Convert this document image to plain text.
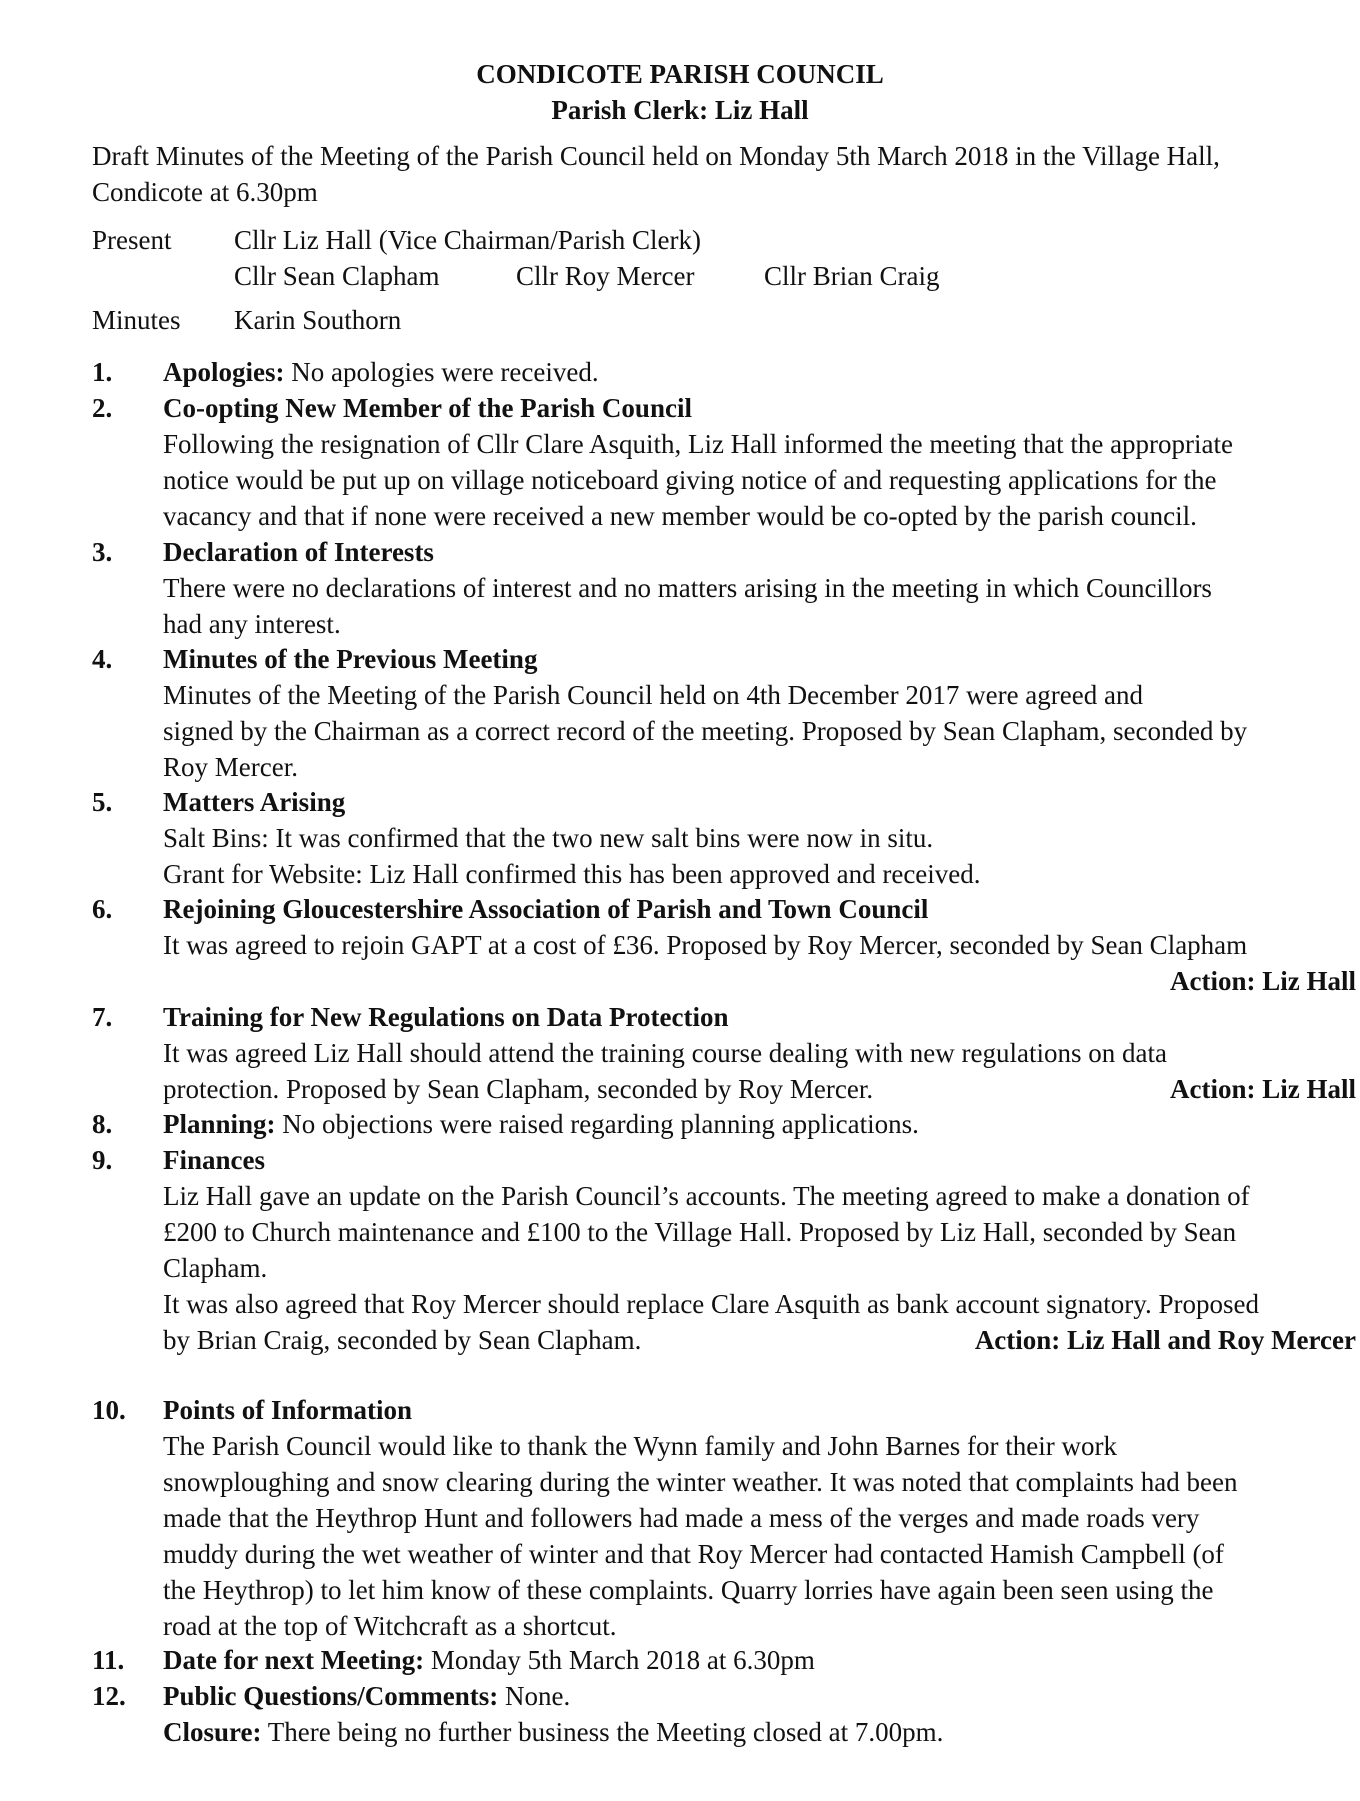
CONDICOTE PARISH COUNCIL
Parish Clerk: Liz Hall
Draft Minutes of the Meeting of the Parish Council held on Monday 5th March 2018 in the Village Hall,
Condicote at 6.30pm
Present Cllr Liz Hall (Vice Chairman/Parish Clerk)
Cllr Sean Clapham	Cllr Roy Mercer	Cllr Brian Craig
Minutes Karin Southorn
1. Apologies: No apologies were received.
2. Co-opting New Member of the Parish Council
Following the resignation of Cllr Clare Asquith, Liz Hall informed the meeting that the appropriate
notice would be put up on village noticeboard giving notice of and requesting applications for the
vacancy and that if none were received a new member would be co-opted by the parish council.
3. Declaration of Interests
There were no declarations of interest and no matters arising in the meeting in which Councillors
had any interest.
4. Minutes of the Previous Meeting
Minutes of the Meeting of the Parish Council held on 4th December 2017 were agreed and
signed by the Chairman as a correct record of the meeting. Proposed by Sean Clapham, seconded by
Roy Mercer.
5. Matters Arising
Salt Bins: It was confirmed that the two new salt bins were now in situ.
Grant for Website: Liz Hall confirmed this has been approved and received.
6. Rejoining Gloucestershire Association of Parish and Town Council
It was agreed to rejoin GAPT at a cost of £36. Proposed by Roy Mercer, seconded by Sean Clapham
Action: Liz Hall
7. Training for New Regulations on Data Protection
It was agreed Liz Hall should attend the training course dealing with new regulations on data
protection. Proposed by Sean Clapham, seconded by Roy Mercer.	Action: Liz Hall
8. Planning: No objections were raised regarding planning applications.
9. Finances
Liz Hall gave an update on the Parish Council’s accounts. The meeting agreed to make a donation of
£200 to Church maintenance and £100 to the Village Hall. Proposed by Liz Hall, seconded by Sean
Clapham.
It was also agreed that Roy Mercer should replace Clare Asquith as bank account signatory. Proposed
by Brian Craig, seconded by Sean Clapham.	Action: Liz Hall and Roy Mercer
10. Points of Information
The Parish Council would like to thank the Wynn family and John Barnes for their work
snowploughing and snow clearing during the winter weather. It was noted that complaints had been
made that the Heythrop Hunt and followers had made a mess of the verges and made roads very
muddy during the wet weather of winter and that Roy Mercer had contacted Hamish Campbell (of
the Heythrop) to let him know of these complaints. Quarry lorries have again been seen using the
road at the top of Witchcraft as a shortcut.
11. Date for next Meeting: Monday 5th March 2018 at 6.30pm
12. Public Questions/Comments: None.
Closure: There being no further business the Meeting closed at 7.00pm.
